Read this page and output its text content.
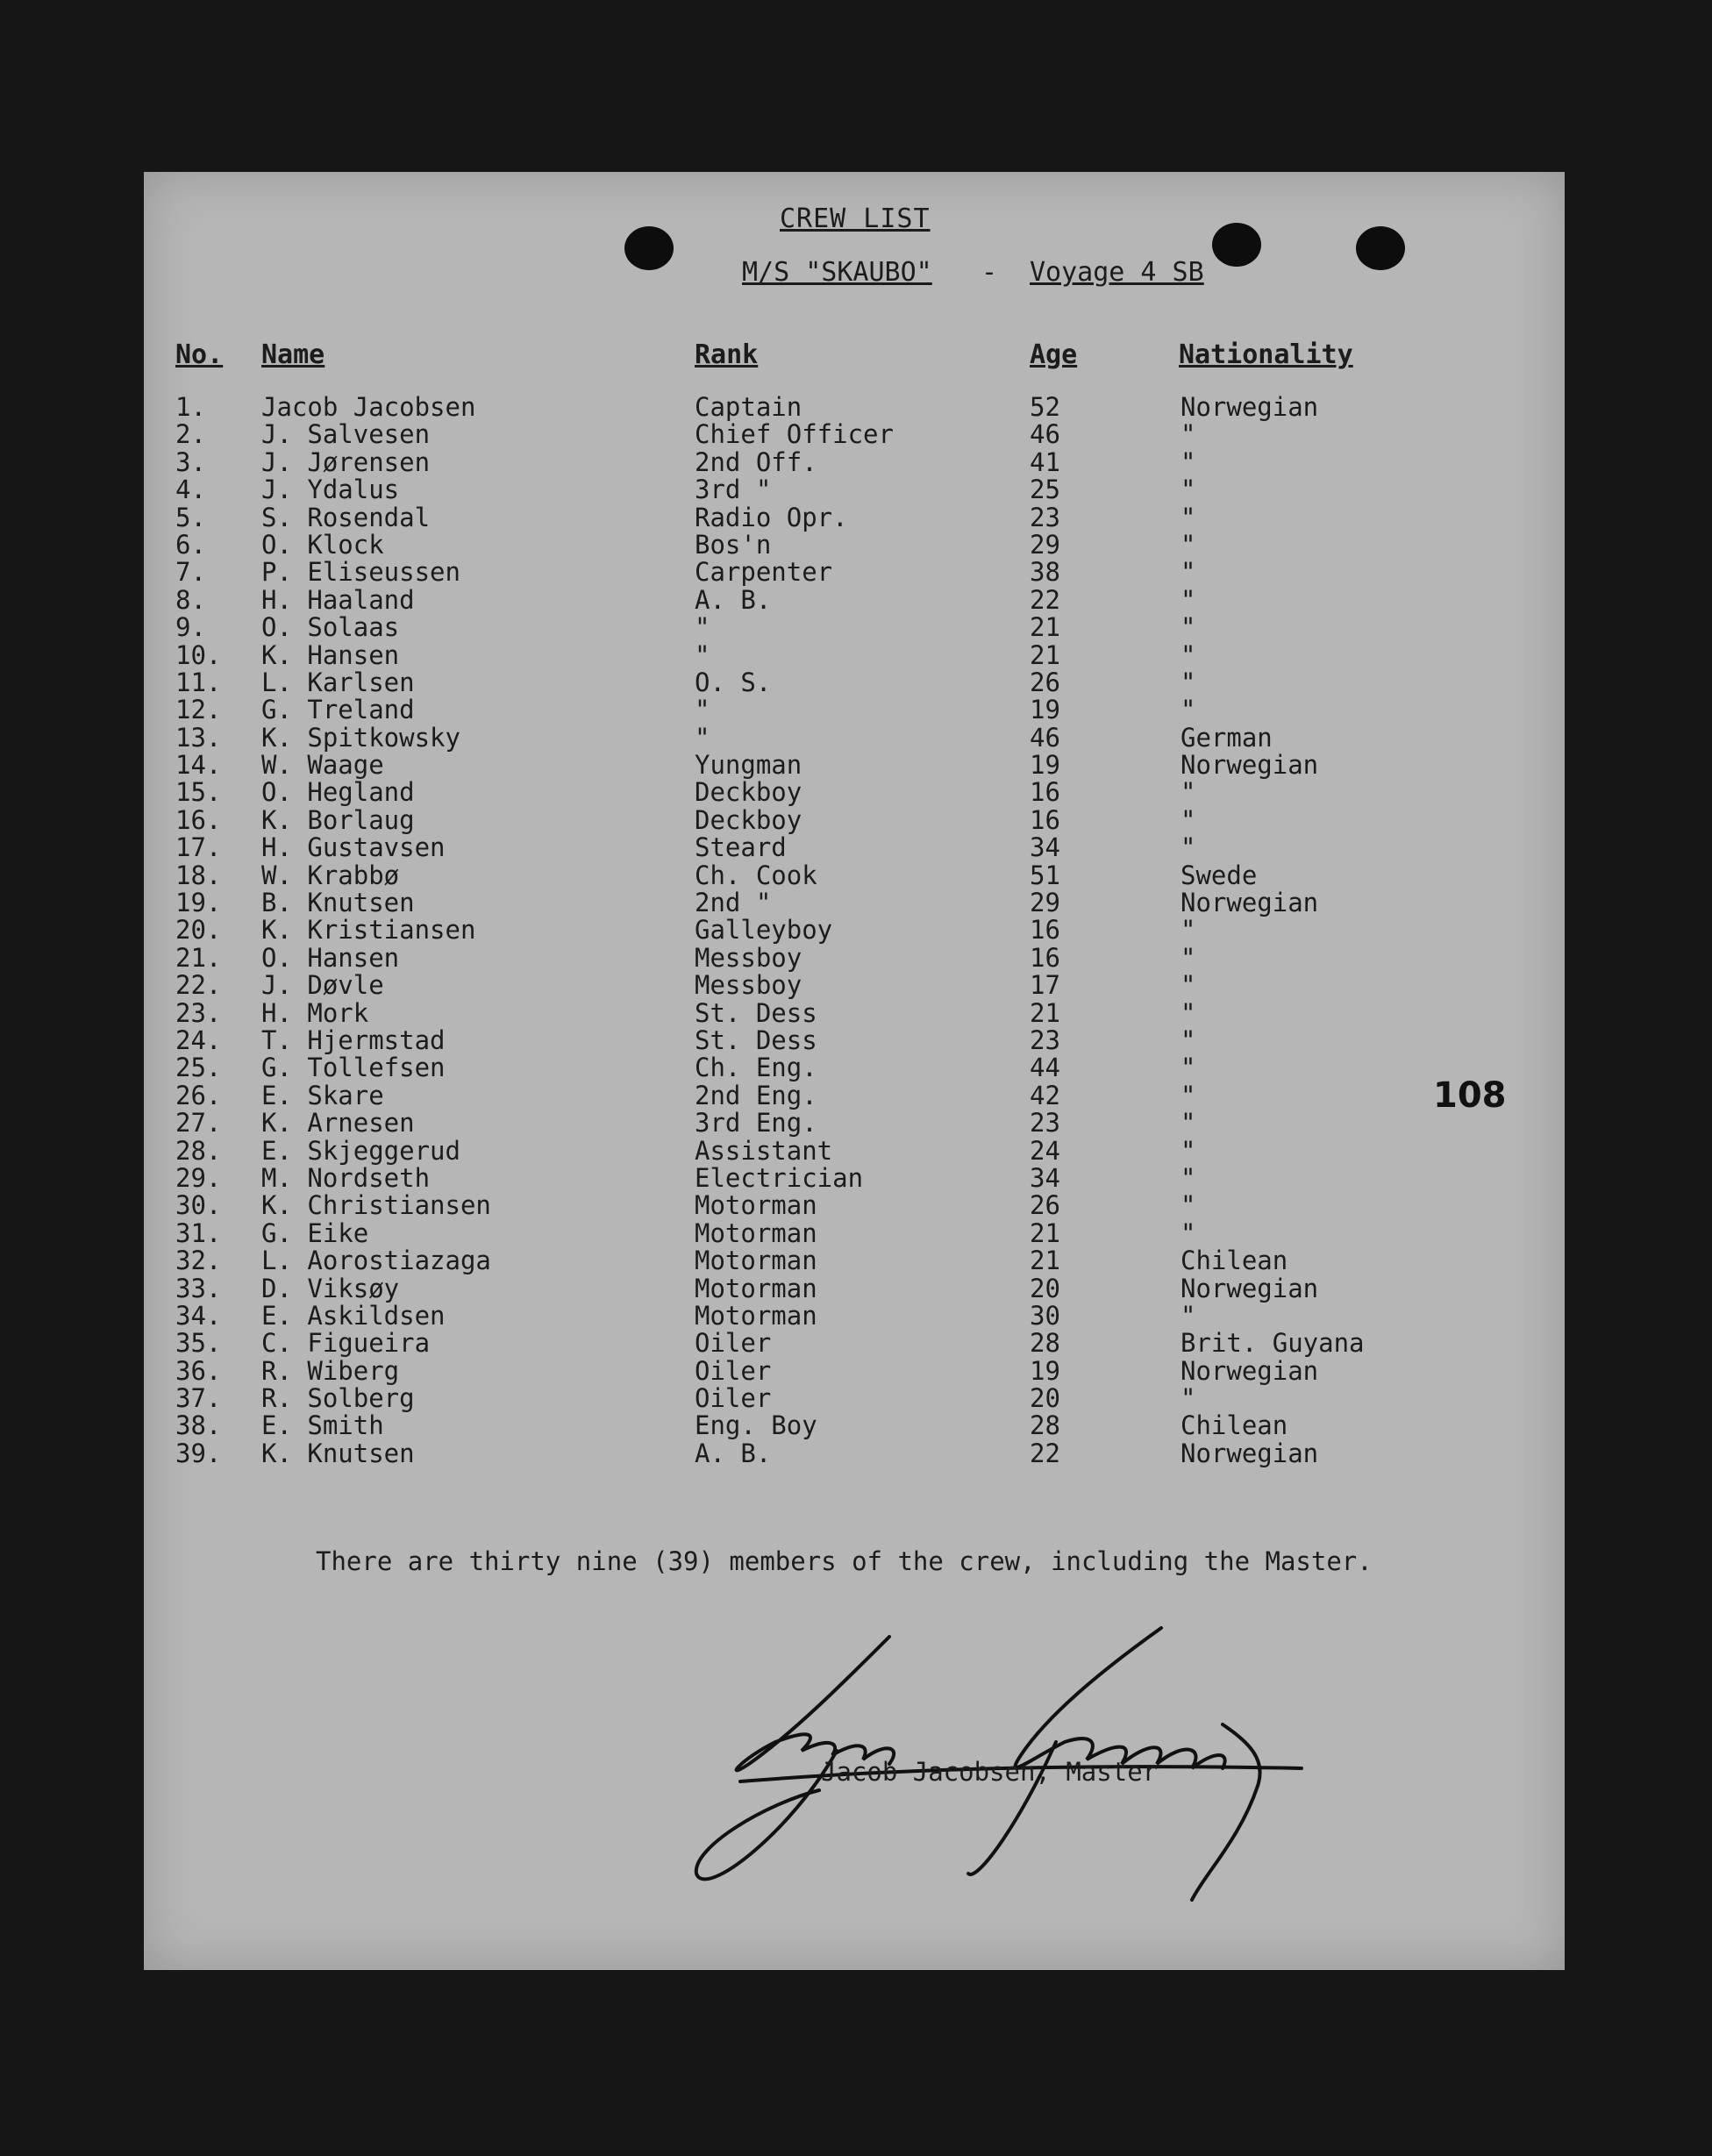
CREW LIST
M/S "SKAUBO" - Voyage 4 SB
No. Name	Rank	Age	Nationality
1. Jacob Jacobsen	Captain	52	Norwegian
2. J. Salvesen	Chief Officer	46	"
3. J. Jørensen	2nd Off.	41	"
4. J. Ydalus	3rd "	25	"
5. S. Rosendal	Radio Opr.	23	"
6. O. Klock	Bos'n	29	"
7. P. Eliseussen	Carpenter	38	"
8. H. Haaland	A. B.	22	"
9. O. Solaas	"	21	"
10. K. Hansen	"	21	"
11. L. Karlsen	O. S.	26	"
12. G. Treland	"	19	"
13. K. Spitkowsky	"	46	German
14. W. Waage	Yungman	19	Norwegian
15. O. Hegland	Deckboy	16	"
16. K. Borlaug	Deckboy	16	"
17. H. Gustavsen	Steard	34	"
18. W. Krabbø	Ch. Cook	51	Swede
19. B. Knutsen	2nd "	29	Norwegian
20. K. Kristiansen	Galleyboy	16	"
21. O. Hansen	Messboy	16	"
22. J. Døvle	Messboy	17	"
23. H. Mork	St. Dess	21	"
24. T. Hjermstad	St. Dess	23	"
25. G. Tollefsen	Ch. Eng.	44	"
26. E. Skare	2nd Eng.	42	"
27. K. Arnesen	3rd Eng.	23	"
28. E. Skjeggerud	Assistant	24	"
29. M. Nordseth	Electrician	34	"
30. K. Christiansen	Motorman	26	"
31. G. Eike	Motorman	21	"
32. L. Aorostiazaga	Motorman	21	Chilean
33. D. Viksøy	Motorman	20	Norwegian
34. E. Askildsen	Motorman	30	"
35. C. Figueira	Oiler	28	Brit. Guyana
36. R. Wiberg	Oiler	19	Norwegian
37. R. Solberg	Oiler	20	"
38. E. Smith	Eng. Boy	28	Chilean
39. K. Knutsen	A. B.	22	Norwegian
108
There are thirty nine (39) members of the crew, including the Master.
Jacob Jacobsen, Master
